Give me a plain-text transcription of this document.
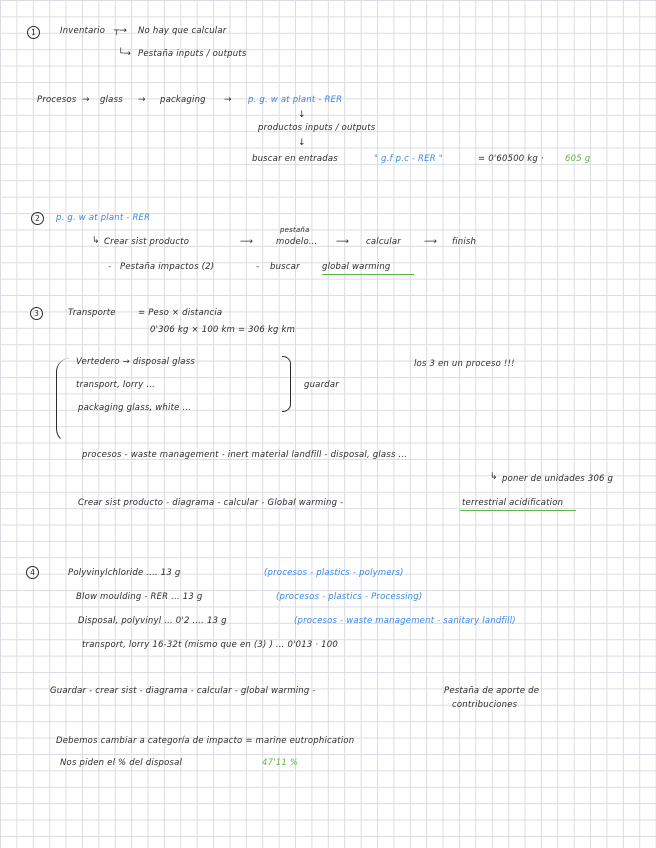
1	Inventario ┬→ No hay que calcular
└→ Pestaña inputs / outputs
Procesos → glass → packaging → p. g. w at plant - RER
↓
productos inputs / outputs
↓
buscar en entradas	" g.f p.c - RER "	= 0'60500 kg · 605 g
2	p. g. w at plant - RER
↳ Crear sist producto	⟶
pestaña
modelo... ⟶ calcular	⟶ finish
- Pestaña impactos (2)	- buscar	global warming
3	Transporte	= Peso × distancia
0'306 kg × 100 km = 306 kg km
Vertedero → disposal glass
transport, lorry ...
packaging glass, white ...
guardar
los 3 en un proceso !!!
procesos - waste management - inert material landfill - disposal, glass ...
↳ poner de unidades 306 g
Crear sist producto - diagrama - calcular - Global warming -	terrestrial acidification
4	Polyvinylchloride .... 13 g	(procesos - plastics - polymers)
Blow moulding - RER ... 13 g	(procesos - plastics - Processing)
Disposal, polyvinyl ... 0'2 .... 13 g	(procesos - waste management - sanitary landfill)
transport, lorry 16-32t (mismo que en (3) ) ... 0'013 · 100
Guardar - crear sist - diagrama - calcular - global warming -	Pestaña de aporte de
contribuciones
Debemos cambiar a categoría de impacto = marine eutrophication
Nos piden el % del disposal	47'11 %
